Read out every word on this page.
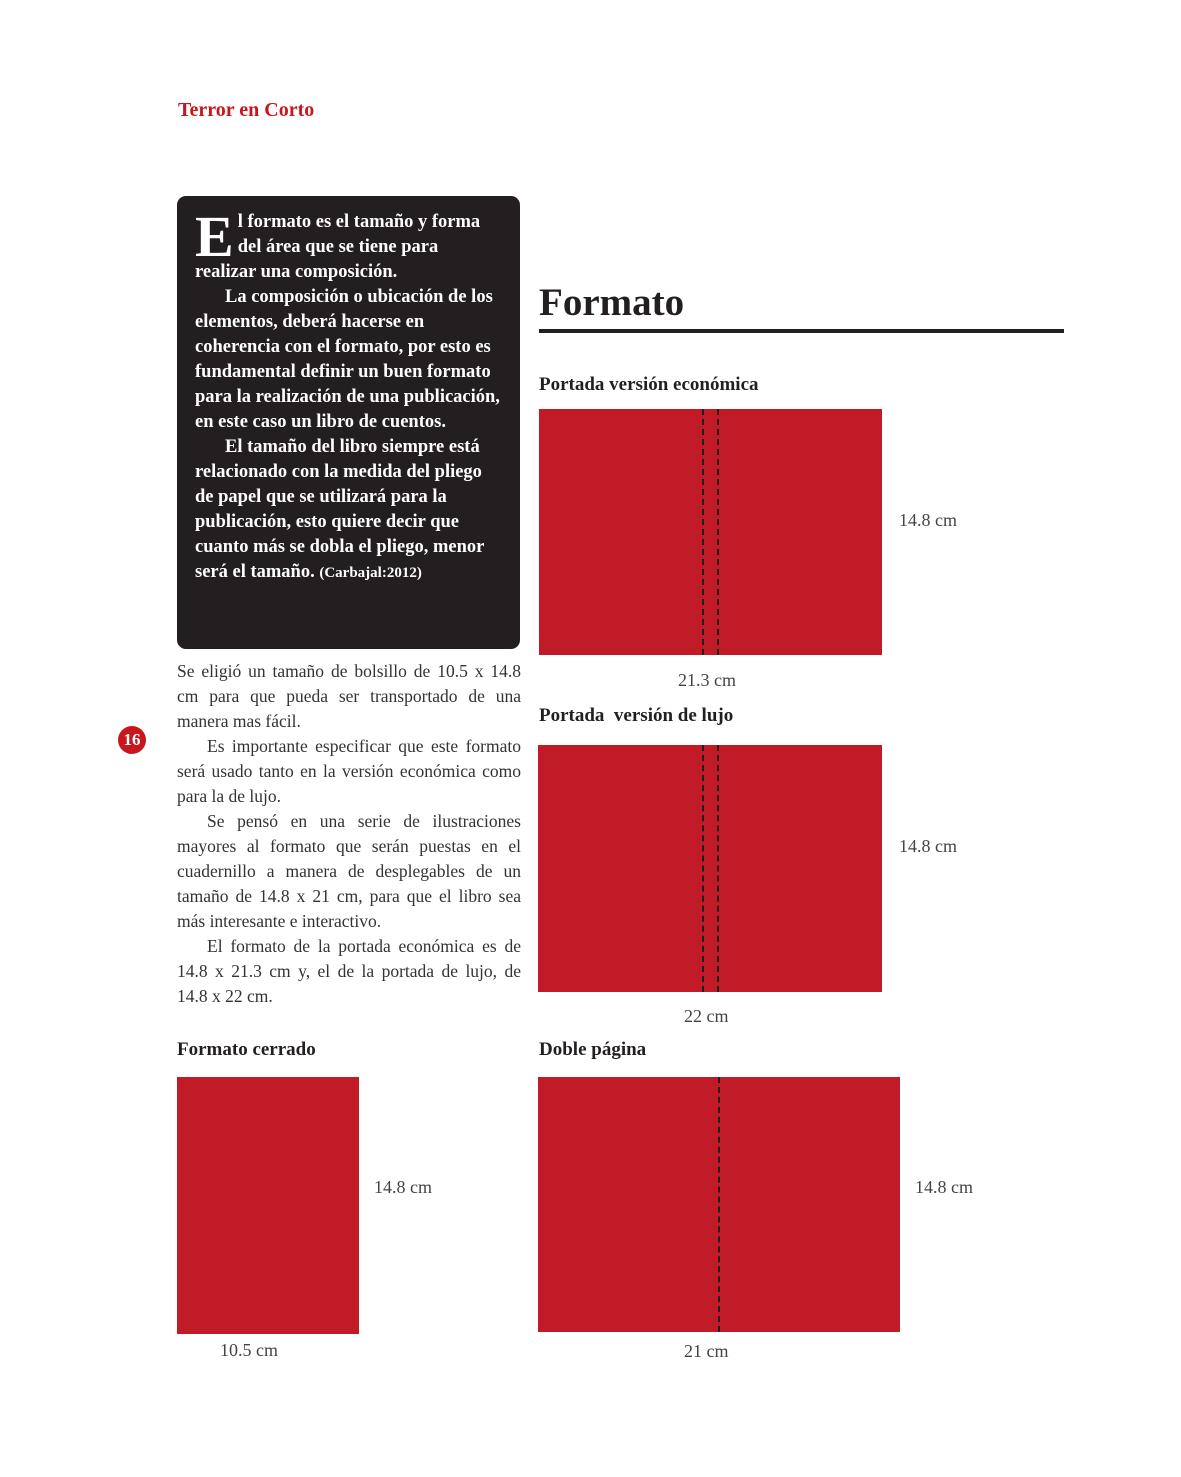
Terror en Corto

El formato es el tamaño y forma del área que se tiene para realizar una composición.

La composición o ubicación de los elementos, deberá hacerse en coherencia con el formato, por esto es fundamental definir un buen formato para la realización de una publicación, en este caso un libro de cuentos.

El tamaño del libro siempre está relacionado con la medida del pliego de papel que se utilizará para la publicación, esto quiere decir que cuanto más se dobla el pliego, menor será el tamaño. (Carbajal:2012)

Se eligió un tamaño de bolsillo de 10.5 x 14.8 cm para que pueda ser transportado de una manera mas fácil.

Es importante especificar que este formato será usado tanto en la versión económica como para la de lujo.

Se pensó en una serie de ilustraciones mayores al formato que serán puestas en el cuadernillo a manera de desplegables de un tamaño de 14.8 x 21 cm, para que el libro sea más interesante e interactivo.

El formato de la portada económica es de 14.8 x 21.3 cm y, el de la portada de lujo, de 14.8 x 22 cm.

16
Formato
Portada versión económica
14.8 cm
21.3 cm
Portada  versión de lujo
14.8 cm
22 cm
Formato cerrado
14.8 cm
10.5 cm
Doble página
14.8 cm
21 cm
